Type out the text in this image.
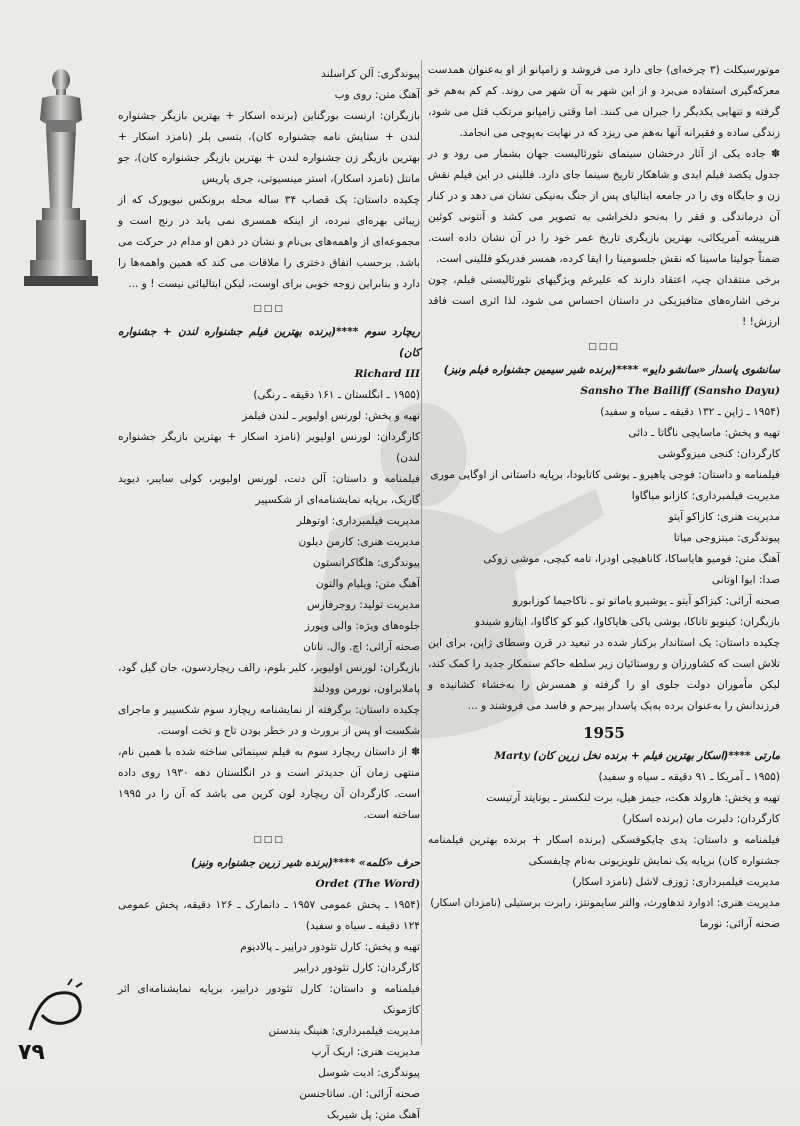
موتورسیکلت (۳ چرخه‌ای) جای دارد می فروشد و زامپانو از او به‌عنوان همدست معرکه‌گیری استفاده می‌برد و از این شهر به آن شهر می روند. کم کم به‌هم خو گرفته و تنهایی یکدیگر را جبران می کنند. اما وقتی زامپانو مرتکب قتل می شود، زندگی ساده و فقیرانه آنها به‌هم می ریزد که در نهایت به‌پوچی می انجامد.

✽ جاده یکی از آثار درخشان سینمای نئورئالیست جهان بشمار می رود و در جدول یکصد فیلم ابدی و شاهکار تاریخ سینما جای دارد. فللینی در این فیلم نقش زن و جایگاه وی را در جامعه ایتالیای پس از جنگ به‌نیکی نشان می دهد و در کنار آن درماندگی و فقر را به‌نحو دلخراشی به تصویر می کشد و آنتونی کوئین هنرپیشه آمریکائی، بهترین بازیگری تاریخ عمر خود را در آن نشان داده است. ضمناً جولیتا ماسینا که نقش جلسومینا را ایفا کرده، همسر فدریکو فللینی است.

برخی منتقدان چپ، اعتقاد دارند که علیرغم ویژگیهای نئورئالیستی فیلم، چون برخی اشاره‌های متافیزیکی در داستان احساس می شود، لذا اثری است فاقد ارزش! !

□□□

سانشوی پاسدار «سانشو دایو» ****(برنده شیر سیمین جشنواره فیلم ونیز)

Sansho The Bailiff (Sansho Dayu)

(۱۹۵۴ ـ ژاپن ـ ۱۳۲ دقیقه ـ سیاه و سفید)

تهیه و پخش: ماسایچی ناگاتا ـ دائی

کارگردان: کنجی میزوگوشی

فیلمنامه و داستان: فوجی یاهیرو ـ یوشی کاتایودا، برپایه داستانی از اوگایی موری

مدیریت فیلمبرداری: کازانو میاگاوا

مدیریت هنری: کازاکو آیتو

پیوندگری: میتزوجی میاتا

آهنگ متن: فومیو هایاساکا، کاناهیچی اودرا، تامه کیچی، موشی زوکی

صدا: ایوا اوتانی

صحنه آرائی: کیزاکو آیتو ـ یوشیرو یاماتو تو ـ ناکاجیما کوزابورو

بازیگران: کینویو تاناکا، یوشی یاکی هایاکاوا، کیو کو کاگاوا، ایتارو شیندو

چکیده داستان: یک استاندار برکنار شده در تبعید در قرن وسطای ژاپن، برای این تلاش است که کشاورزان و روستائیان زیر سلطه حاکم ستمکار جدید را کمک کند، لیکن مأموران دولت جلوی او را گرفته و همسرش را به‌خشاء کشانیده و فرزندانش را به‌عنوان برده به‌یک پاسدار بیرحم و فاسد می فروشند و ...

1955

مارتی ****(اسکار بهترین فیلم + برنده نخل زرین کان) Marty

(۱۹۵۵ ـ آمریکا ـ ۹۱ دقیقه ـ سیاه و سفید)

تهیه و پخش: هارولد هکت، جیمز هیل، برت لنکستر ـ یونایتد آرتیست

کارگردان: دلبرت مان (برنده اسکار)

فیلمنامه و داستان: پدی چایکوفسکی (برنده اسکار + برنده بهترین فیلمنامه جشنواره کان) برپایه یک نمایش تلویزیونی به‌نام چایفسکی

مدیریت فیلمبرداری: ژوزف لاشل (نامزد اسکار)

مدیریت هنری: ادوارد تدهاورث، والتر سایمونتز، رابرت برستیلی (نامزدان اسکار)

صحنه آرائی: نورما

پیوندگری: آلن کراسلند

آهنگ متن: روی وب

بازیگران: ارنست بورگناین (برنده اسکار + بهترین بازیگر جشنواره لندن + ستایش نامه جشنواره کان)، بتسی بلر (نامزد اسکار + بهترین بازیگر زن جشنواره لندن + بهترین بازیگر جشنواره کان)، جو مانتل (نامزد اسکار)، استر مینسیوتی، جری پاریس

چکیده داستان: یک قصاب ۳۴ ساله محله برونکس نیویورک که از زیبائی بهره‌ای نبرده، از اینکه همسری نمی یابد در رنج است و مجموعه‌ای از واهمه‌های بی‌نام و نشان در ذهن او مدام در حرکت می باشد. برحسب اتفاق دختری را ملاقات می کند که همین واهمه‌ها را دارد و بنابراین زوجه خوبی برای اوست، لیکن ایتالیائی نیست ! و ...

□□□

ریچارد سوم ****(برنده بهترین فیلم جشنواره لندن + جشنواره کان)

Richard III

(۱۹۵۵ ـ انگلستان ـ ۱۶۱ دقیقه ـ رنگی)

تهیه و پخش: لورنس اولیویر ـ لندن فیلمز

کارگردان: لورنس اولیویر (نامزد اسکار + بهترین بازیگر جشنواره لندن)

فیلمنامه و داستان: آلن دنت، لورنس اولیویر، کولی سایبر، دیوید گاریک، برپایه نمایشنامه‌ای از شکسپیر

مدیریت فیلمبرداری: اوتوهلر

مدیریت هنری: کارمن دیلون

پیوندگری: هلگاکرانستون

آهنگ متن: ویلیام والتون

مدیریت تولید: روجرفارس

جلوه‌های ویژه: والی ویورز

صحنه آرائی: اچ. وال. ناتان

بازیگران: لورنس اولیویر، کلیر بلوم، رالف ریچاردسون، جان گیل گود، پاملابراون، نورمن وودلند

چکیده داستان: برگرفته از نمایشنامه ریچارد سوم شکسپیر و ماجرای شکست او پس از برورث و در خطر بودن تاج و تخت اوست.

✽ از داستان ریچارد سوم به فیلم سینمائی ساخته شده با همین نام، منتهی زمان آن جدیدتر است و در انگلستان دهه ۱۹۳۰ روی داده است. کارگردان آن ریچارد لون کرین می باشد که آن را در ۱۹۹۵ ساخته است.

□□□

حرف «کلمه» ****(برنده شیر زرین جشنواره ونیز)

Ordet (The Word)

(۱۹۵۴ ـ پخش عمومی ۱۹۵۷ ـ دانمارک ـ ۱۲۶ دقیقه، پخش عمومی ۱۲۴ دقیقه ـ سیاه و سفید)

تهیه و پخش: کارل تئودور دراییر ـ پالادیوم

کارگردان: کارل تئودور دراییر

فیلمنامه و داستان: کارل تئودور دراییر، برپایه نمایشنامه‌ای اثر کاژمونک

مدیریت فیلمبرداری: هنینگ بندستن

مدیریت هنری: اریک آرپ

پیوندگری: ادیت شوسل

صحنه آرائی: ان. ساتاجنسن

آهنگ متن: پل شیربک

۷۹
